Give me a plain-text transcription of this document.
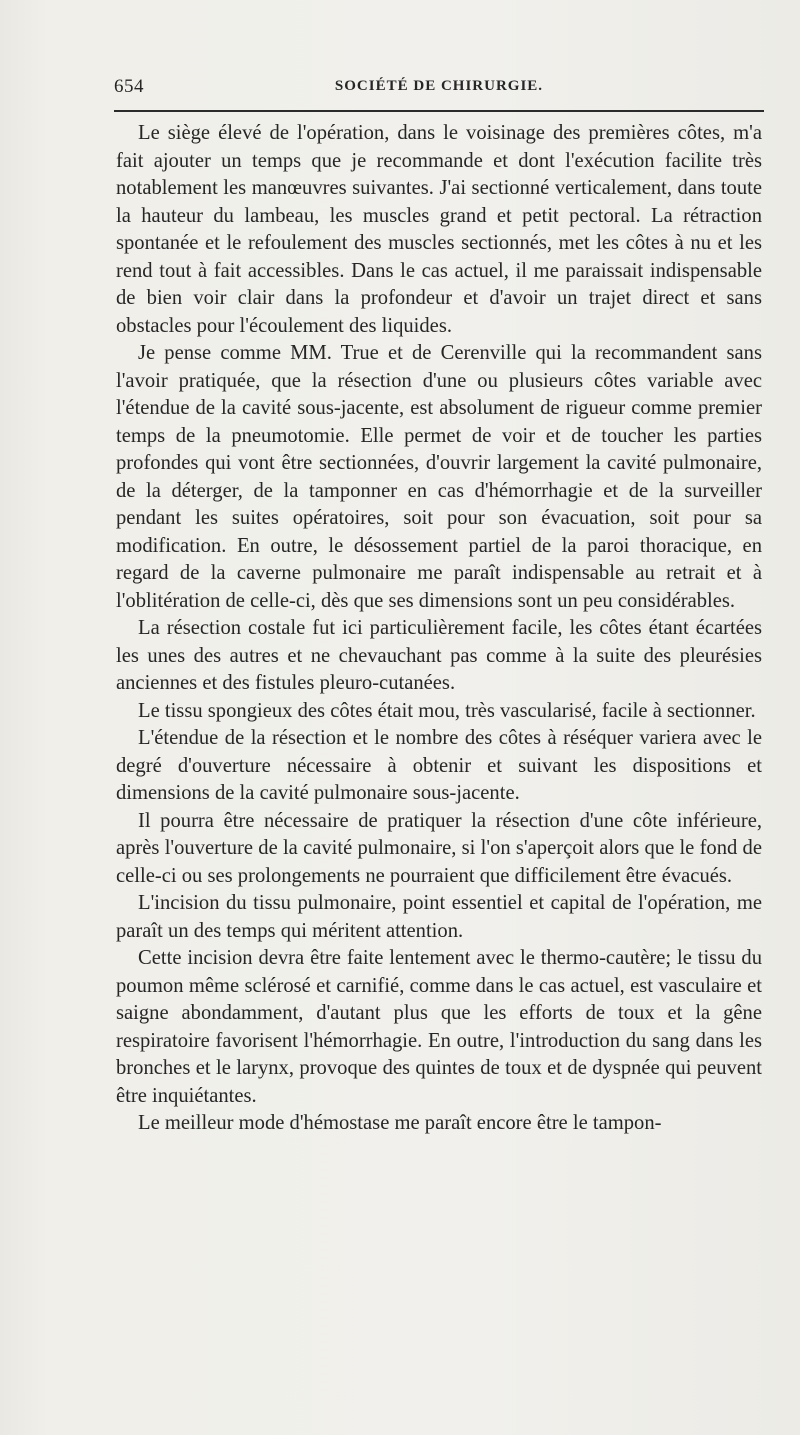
654	SOCIÉTÉ DE CHIRURGIE.

Le siège élevé de l'opération, dans le voisinage des premières côtes, m'a fait ajouter un temps que je recommande et dont l'exécution facilite très notablement les manœuvres suivantes. J'ai sectionné verticalement, dans toute la hauteur du lambeau, les muscles grand et petit pectoral. La rétraction spontanée et le refoulement des muscles sectionnés, met les côtes à nu et les rend tout à fait accessibles. Dans le cas actuel, il me paraissait indispensable de bien voir clair dans la profondeur et d'avoir un trajet direct et sans obstacles pour l'écoulement des liquides.

Je pense comme MM. True et de Cerenville qui la recommandent sans l'avoir pratiquée, que la résection d'une ou plusieurs côtes variable avec l'étendue de la cavité sous-jacente, est absolument de rigueur comme premier temps de la pneumotomie. Elle permet de voir et de toucher les parties profondes qui vont être sectionnées, d'ouvrir largement la cavité pulmonaire, de la déterger, de la tamponner en cas d'hémorrhagie et de la surveiller pendant les suites opératoires, soit pour son évacuation, soit pour sa modification. En outre, le désossement partiel de la paroi thoracique, en regard de la caverne pulmonaire me paraît indispensable au retrait et à l'oblitération de celle-ci, dès que ses dimensions sont un peu considérables.

La résection costale fut ici particulièrement facile, les côtes étant écartées les unes des autres et ne chevauchant pas comme à la suite des pleurésies anciennes et des fistules pleuro-cutanées.

Le tissu spongieux des côtes était mou, très vascularisé, facile à sectionner.

L'étendue de la résection et le nombre des côtes à réséquer variera avec le degré d'ouverture nécessaire à obtenir et suivant les dispositions et dimensions de la cavité pulmonaire sous-jacente.

Il pourra être nécessaire de pratiquer la résection d'une côte inférieure, après l'ouverture de la cavité pulmonaire, si l'on s'aperçoit alors que le fond de celle-ci ou ses prolongements ne pourraient que difficilement être évacués.

L'incision du tissu pulmonaire, point essentiel et capital de l'opération, me paraît un des temps qui méritent attention.

Cette incision devra être faite lentement avec le thermo-cautère; le tissu du poumon même sclérosé et carnifié, comme dans le cas actuel, est vasculaire et saigne abondamment, d'autant plus que les efforts de toux et la gêne respiratoire favorisent l'hémorrhagie. En outre, l'introduction du sang dans les bronches et le larynx, provoque des quintes de toux et de dyspnée qui peuvent être inquiétantes.

Le meilleur mode d'hémostase me paraît encore être le tampon-
